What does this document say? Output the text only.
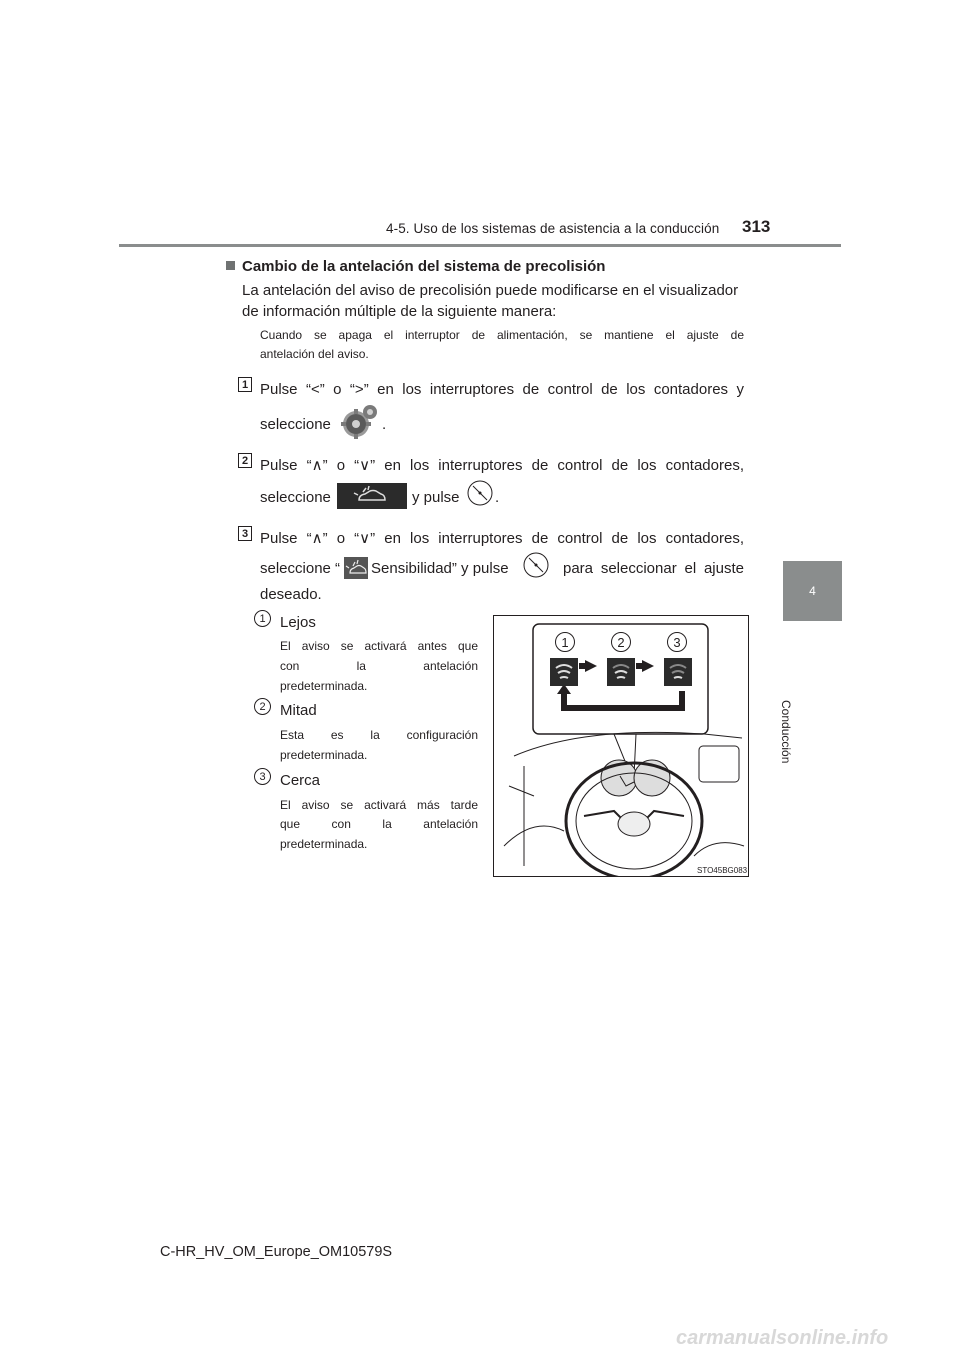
4-5. Uso de los sistemas de asistencia a la conducción 313
4
Conducción
Cambio de la antelación del sistema de precolisión
La antelación del aviso de precolisión puede modificarse en el visualizador
de información múltiple de la siguiente manera:
Cuando se apaga el interruptor de alimentación, se mantiene el ajuste de
antelación del aviso.
1 Pulse “<” o “>” en los interruptores de control de los contadores y
seleccione	.
2 Pulse “∧” o “∨” en los interruptores de control de los contadores,
seleccione	y pulse .
3 Pulse “∧” o “∨” en los interruptores de control de los contadores,
seleccione “ Sensibilidad” y pulse	para seleccionar el ajuste
deseado.
1 Lejos
El aviso se activará antes que
con la antelación
predeterminada.
2 Mitad
Esta es la configuración
predeterminada.
3 Cerca
El aviso se activará más tarde
que con la antelación
predeterminada.
1	2	3
STO45BG083
C-HR_HV_OM_Europe_OM10579S
carmanualsonline.info
